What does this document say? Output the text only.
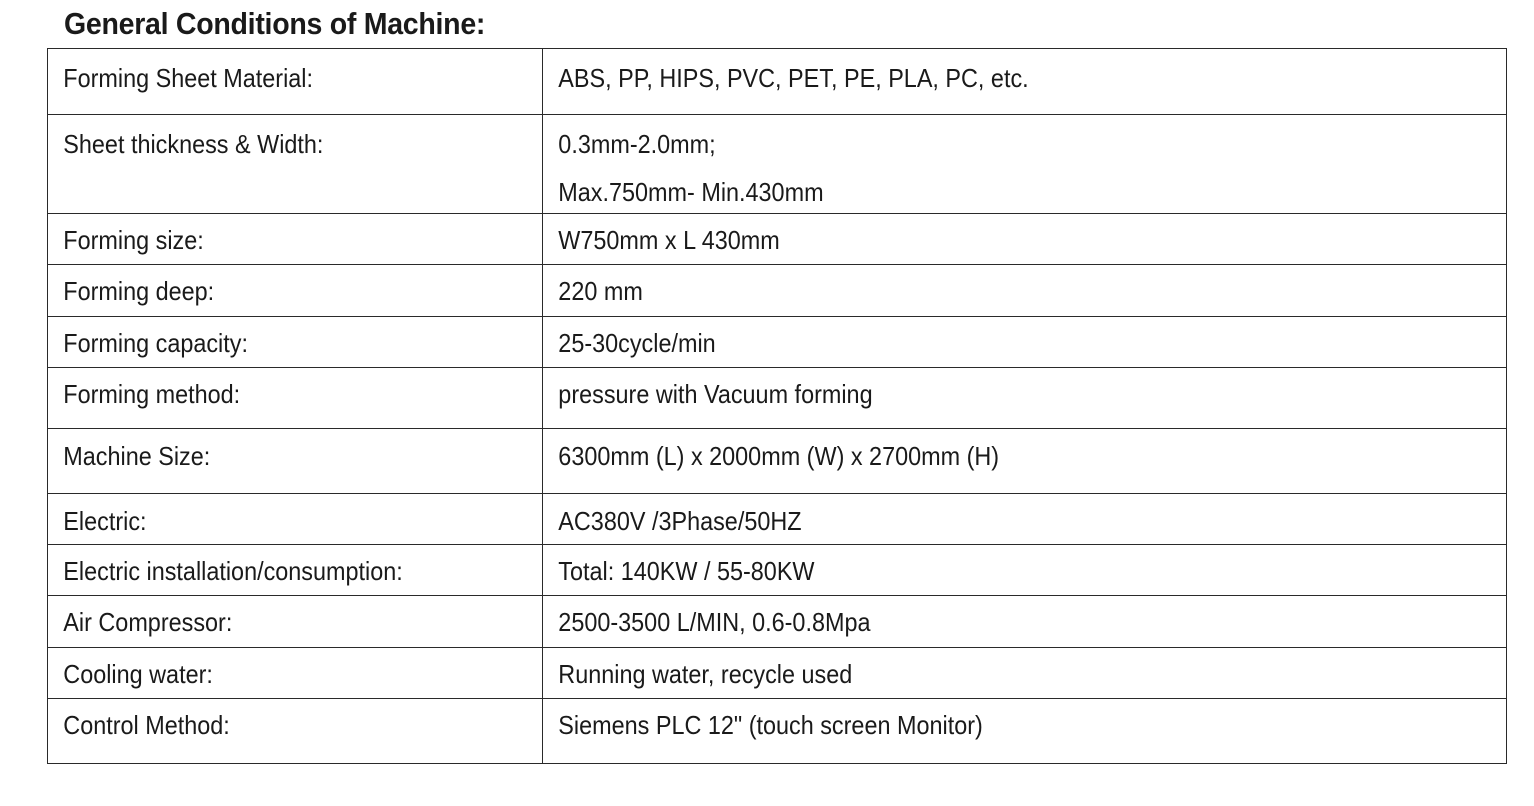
General Conditions of Machine:
Forming Sheet Material:	ABS, PP, HIPS, PVC, PET, PE, PLA, PC, etc.

Sheet thickness & Width:	0.3mm-2.0mm;
Max.750mm- Min.430mm

Forming size:	W750mm x L 430mm

Forming deep:	220 mm

Forming capacity:	25-30cycle/min

Forming method:	pressure with Vacuum forming

Machine Size:	6300mm (L) x 2000mm (W) x 2700mm (H)

Electric:	AC380V /3Phase/50HZ

Electric installation/consumption:	Total: 140KW / 55-80KW

Air Compressor:	2500-3500 L/MIN, 0.6-0.8Mpa

Cooling water:	Running water, recycle used

Control Method:	Siemens PLC 12" (touch screen Monitor)
